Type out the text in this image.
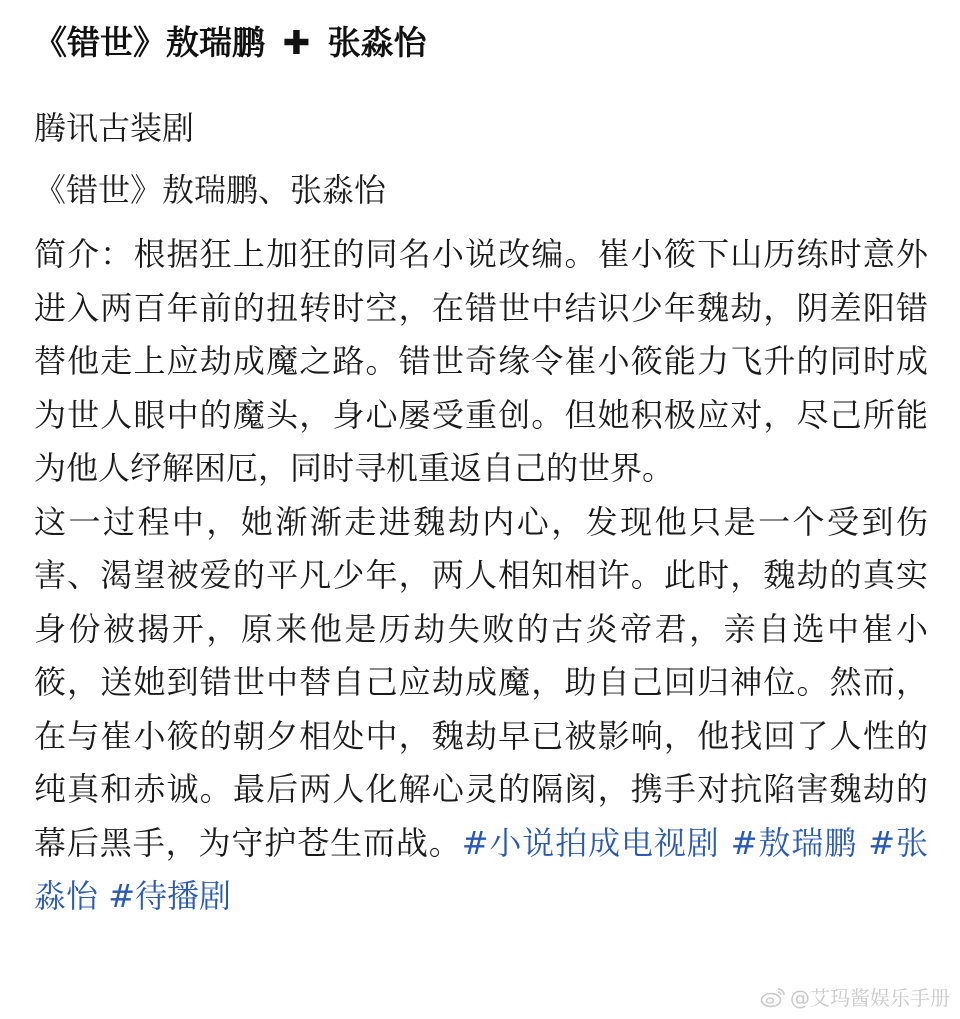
《错世》敖瑞鹏 ✚ 张淼怡
腾讯古装剧
《错世》敖瑞鹏、张淼怡
简介：根据狂上加狂的同名小说改编。崔小筱下山历练时意外进入两百年前的扭转时空，在错世中结识少年魏劫，阴差阳错替他走上应劫成魔之路。错世奇缘令崔小筱能力飞升的同时成为世人眼中的魔头，身心屡受重创。但她积极应对，尽己所能为他人纾解困厄，同时寻机重返自己的世界。
这一过程中，她渐渐走进魏劫内心，发现他只是一个受到伤害、渴望被爱的平凡少年，两人相知相许。此时，魏劫的真实身份被揭开，原来他是历劫失败的古炎帝君，亲自选中崔小筱，送她到错世中替自己应劫成魔，助自己回归神位。然而，在与崔小筱的朝夕相处中，魏劫早已被影响，他找回了人性的纯真和赤诚。最后两人化解心灵的隔阂，携手对抗陷害魏劫的幕后黑手，为守护苍生而战。#小说拍成电视剧 #敖瑞鹏 #张淼怡 #待播剧
@艾玛酱娱乐手册
